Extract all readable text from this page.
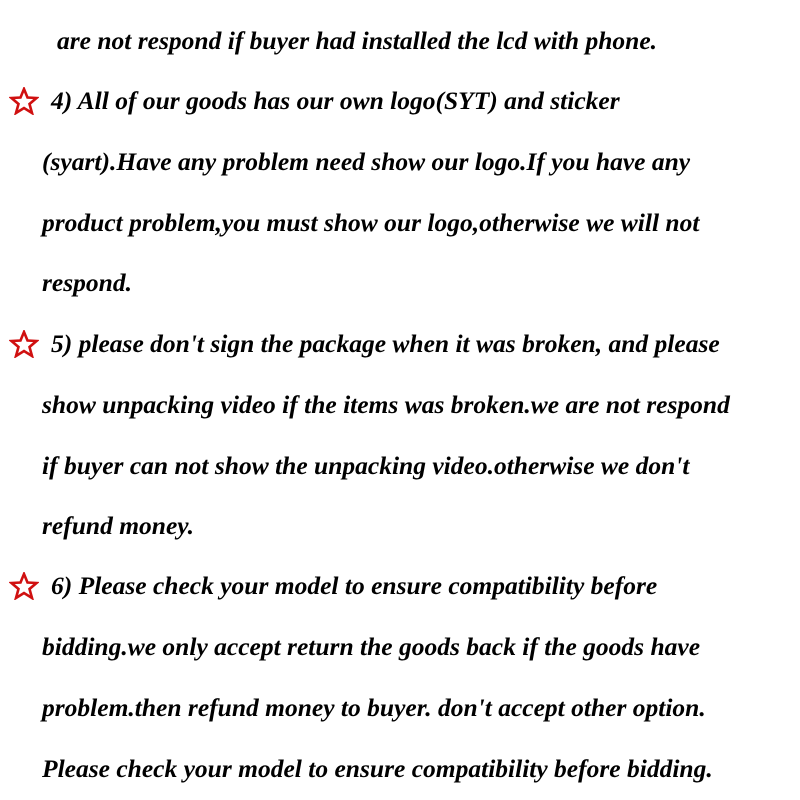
are not respond if buyer had installed the lcd with phone.
4) All of our goods has our own logo(SYT) and sticker
(syart).Have any problem need show our logo.If you have any
product problem,you must show our logo,otherwise we will not
respond.
5) please don't sign the package when it was broken, and please
show unpacking video if the items was broken.we are not respond
if buyer can not show the unpacking video.otherwise we don't
refund money.
6) Please check your model to ensure compatibility before
bidding.we only accept return the goods back if the goods have
problem.then refund money to buyer. don't accept other option.
Please check your model to ensure compatibility before bidding.
